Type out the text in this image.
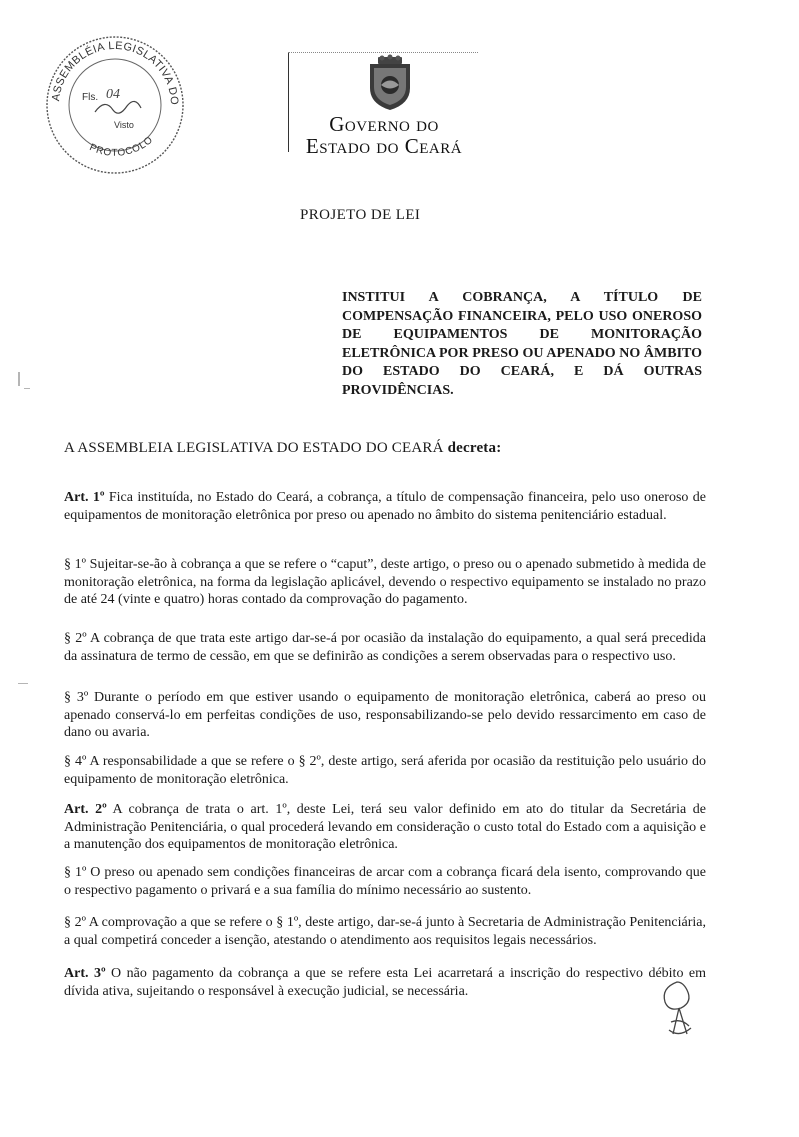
ASSEMBLÉIA LEGISLATIVA DO
PROTOCOLO
Fls. 04
Visto	Governo do
Estado do Ceará
PROJETO DE LEI
INSTITUI A COBRANÇA, A TÍTULO DE COMPENSAÇÃO FINANCEIRA, PELO USO ONEROSO DE EQUIPAMENTOS DE MONITORAÇÃO ELETRÔNICA POR PRESO OU APENADO NO ÂMBITO DO ESTADO DO CEARÁ, E DÁ OUTRAS PROVIDÊNCIAS.
A ASSEMBLEIA LEGISLATIVA DO ESTADO DO CEARÁ decreta:
Art. 1º Fica instituída, no Estado do Ceará, a cobrança, a título de compensação financeira, pelo uso oneroso de equipamentos de monitoração eletrônica por preso ou apenado no âmbito do sistema penitenciário estadual.
§ 1º Sujeitar-se-ão à cobrança a que se refere o “caput”, deste artigo, o preso ou o apenado submetido à medida de monitoração eletrônica, na forma da legislação aplicável, devendo o respectivo equipamento se instalado no prazo de até 24 (vinte e quatro) horas contado da comprovação do pagamento.
§ 2º A cobrança de que trata este artigo dar-se-á por ocasião da instalação do equipamento, a qual será precedida da assinatura de termo de cessão, em que se definirão as condições a serem observadas para o respectivo uso.
§ 3º Durante o período em que estiver usando o equipamento de monitoração eletrônica, caberá ao preso ou apenado conservá-lo em perfeitas condições de uso, responsabilizando-se pelo devido ressarcimento em caso de dano ou avaria.
§ 4º A responsabilidade a que se refere o § 2º, deste artigo, será aferida por ocasião da restituição pelo usuário do equipamento de monitoração eletrônica.
Art. 2º A cobrança de trata o art. 1º, deste Lei, terá seu valor definido em ato do titular da Secretária de Administração Penitenciária, o qual procederá levando em consideração o custo total do Estado com a aquisição e a manutenção dos equipamentos de monitoração eletrônica.
§ 1º O preso ou apenado sem condições financeiras de arcar com a cobrança ficará dela isento, comprovando que o respectivo pagamento o privará e a sua família do mínimo necessário ao sustento.
§ 2º A comprovação a que se refere o § 1º, deste artigo, dar-se-á junto à Secretaria de Administração Penitenciária, a qual competirá conceder a isenção, atestando o atendimento aos requisitos legais necessários.
Art. 3º O não pagamento da cobrança a que se refere esta Lei acarretará a inscrição do respectivo débito em dívida ativa, sujeitando o responsável à execução judicial, se necessária.
